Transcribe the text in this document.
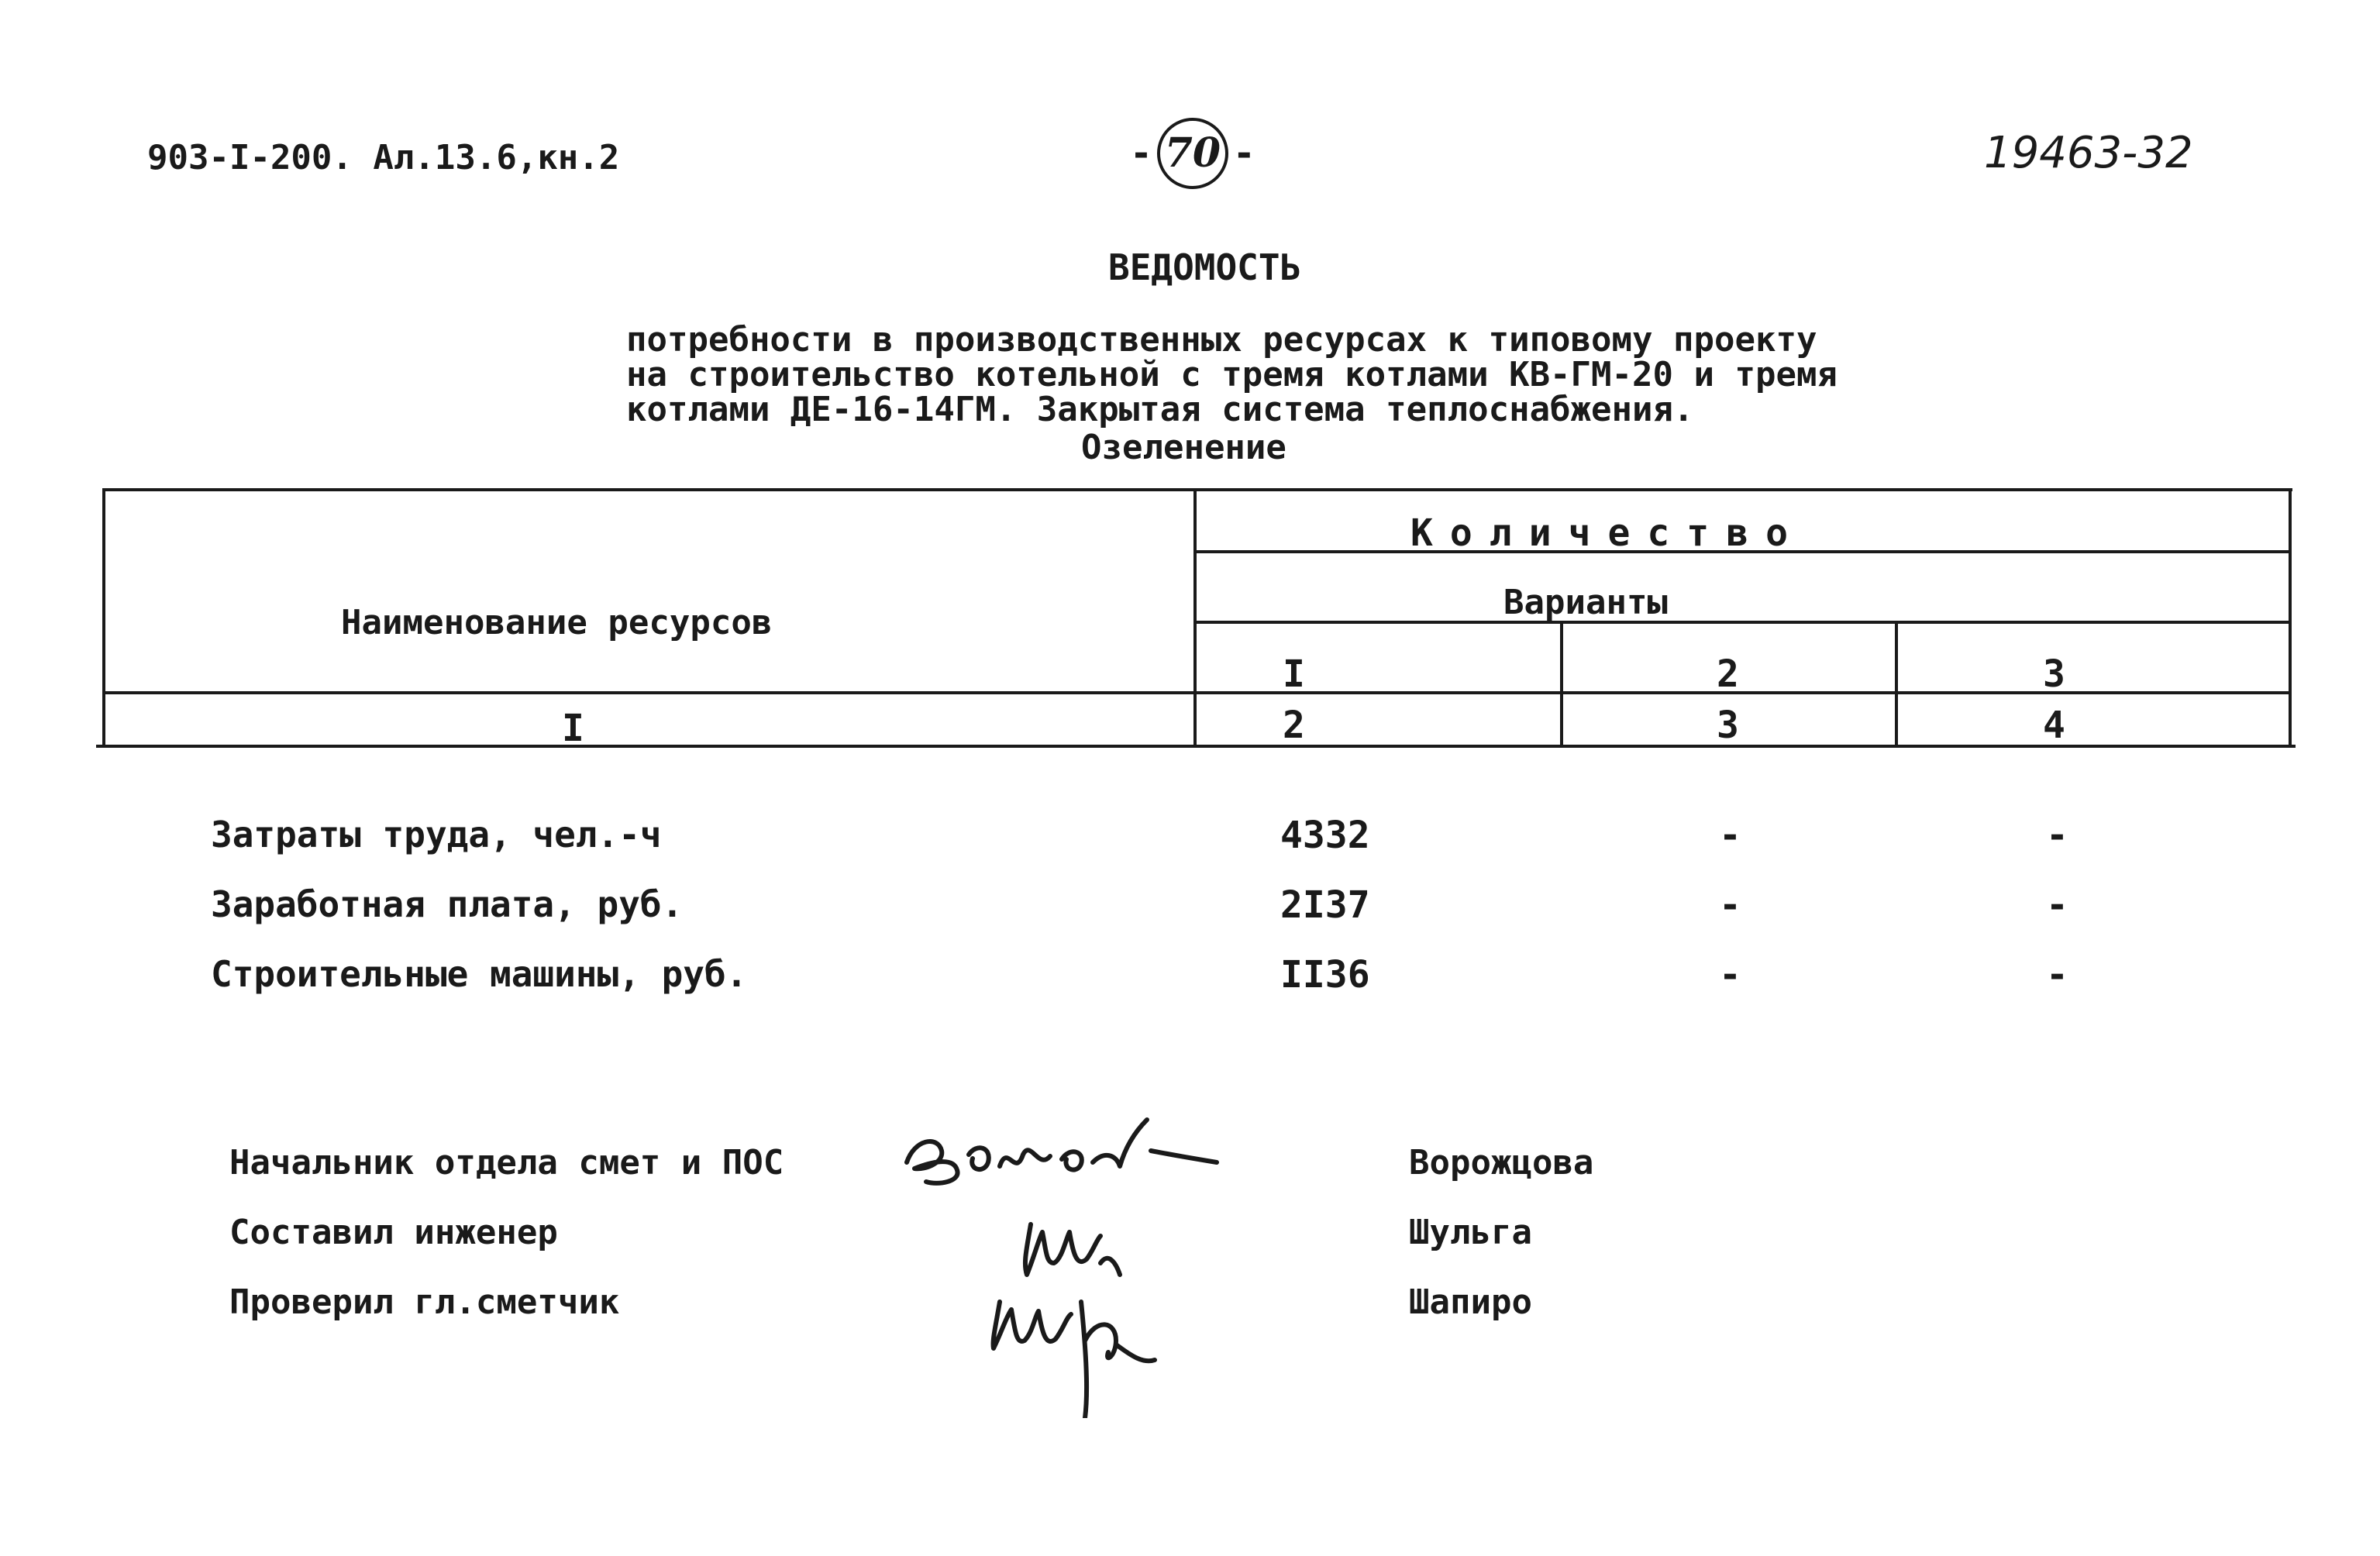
903-I-200. Ал.13.6,кн.2	- 70 -	19463-32
ВЕДОМОСТЬ
потребности в производственных ресурсах к типовому проекту
на строительство котельной с тремя котлами КВ-ГМ-20 и тремя
котлами ДЕ-16-14ГМ. Закрытая система теплоснабжения.
Озеленение
Наименование ресурсов
Количество
Варианты
I	2	3
I	2	3	4
Затраты труда, чел.-ч	4332	-	-
Заработная плата, руб.	2I37	-	-
Строительные машины, руб.	II36	-	-
Начальник отдела смет и ПОС	Ворожцова
Составил инженер	Шульга
Проверил гл.сметчик	Шапиро
